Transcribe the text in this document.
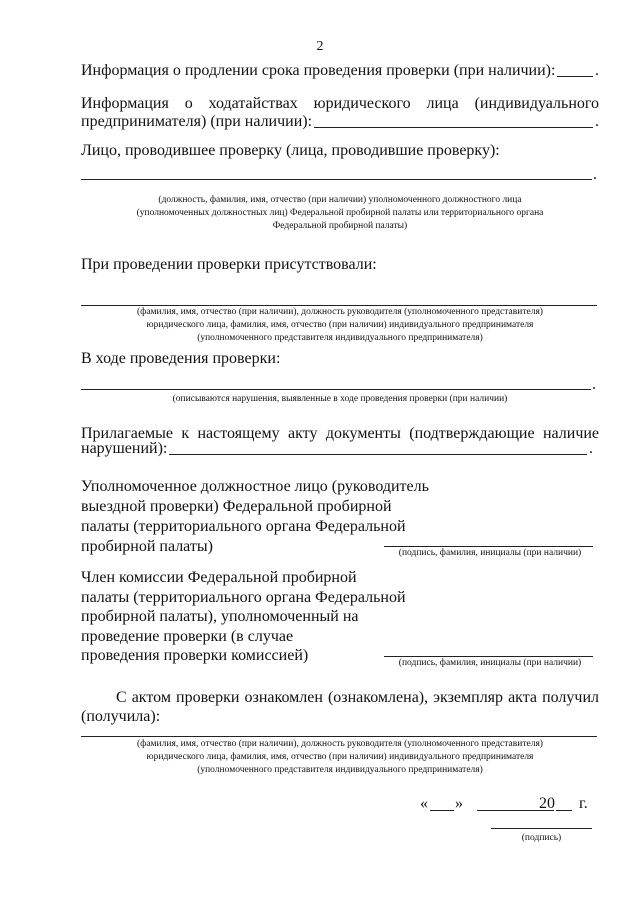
2
Информация о продлении срока проведения проверки (при наличии): .
Информация о ходатайствах юридического лица (индивидуального
предпринимателя) (при наличии):	.
Лицо, проводившее проверку (лица, проводившие проверку):
.
(должность, фамилия, имя, отчество (при наличии) уполномоченного должностного лица
(уполномоченных должностных лиц) Федеральной пробирной палаты или территориального органа
Федеральной пробирной палаты)
При проведении проверки присутствовали:
(фамилия, имя, отчество (при наличии), должность руководителя (уполномоченного представителя)
юридического лица, фамилия, имя, отчество (при наличии) индивидуального предпринимателя
(уполномоченного представителя индивидуального предпринимателя)
В ходе проведения проверки:
.
(описываются нарушения, выявленные в ходе проведения проверки (при наличии)
Прилагаемые к настоящему акту документы (подтверждающие наличие
нарушений):	.
Уполномоченное должностное лицо (руководитель
выездной проверки) Федеральной пробирной
палаты (территориального органа Федеральной
пробирной палаты)	(подпись, фамилия, инициалы (при наличии)
Член комиссии Федеральной пробирной
палаты (территориального органа Федеральной
пробирной палаты), уполномоченный на
проведение проверки (в случае
проведения проверки комиссией)	(подпись, фамилия, инициалы (при наличии)
С актом проверки ознакомлен (ознакомлена), экземпляр акта получил
(получила):
(фамилия, имя, отчество (при наличии), должность руководителя (уполномоченного представителя)
юридического лица, фамилия, имя, отчество (при наличии) индивидуального предпринимателя
(уполномоченного представителя индивидуального предпринимателя)
« »	20 г.
(подпись)
